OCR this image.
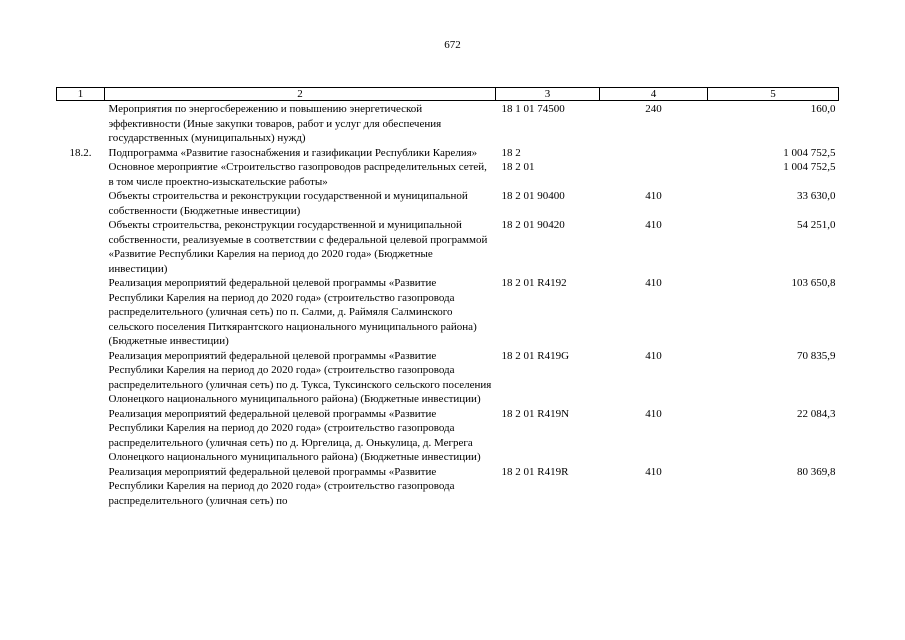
672
1	2	3	4	5
	Мероприятия по энергосбережению и повышению энергетической эффективности (Иные закупки товаров, работ и услуг для обеспечения государственных (муниципальных) нужд)	18 1 01 74500	240	160,0
18.2.	Подпрограмма «Развитие газоснабжения и газификации Республики Карелия»	18 2		1 004 752,5
	Основное мероприятие «Строительство газопроводов распределительных сетей, в том числе проектно-изыскательские работы»	18 2 01		1 004 752,5
	Объекты строительства и реконструкции государственной и муниципальной собственности (Бюджетные инвестиции)	18 2 01 90400	410	33 630,0
	Объекты строительства, реконструкции государственной и муниципальной собственности, реализуемые в соответствии с федеральной целевой программой «Развитие Республики Карелия на период до 2020 года» (Бюджетные инвестиции)	18 2 01 90420	410	54 251,0
	Реализация мероприятий федеральной целевой программы «Развитие Республики Карелия на период до 2020 года» (строительство газопровода распределительного (уличная сеть) по п. Салми, д. Раймяля Салминского сельского поселения Питкярантского национального муниципального района) (Бюджетные инвестиции)	18 2 01 R4192	410	103 650,8
	Реализация мероприятий федеральной целевой программы «Развитие Республики Карелия на период до 2020 года» (строительство газопровода распределительного (уличная сеть) по д. Тукса, Туксинского сельского поселения Олонецкого национального муниципального района) (Бюджетные инвестиции)	18 2 01 R419G	410	70 835,9
	Реализация мероприятий федеральной целевой программы «Развитие Республики Карелия на период до 2020 года» (строительство газопровода распределительного (уличная сеть) по д. Юргелица, д. Онькулица, д. Мегрега Олонецкого национального муниципального района) (Бюджетные инвестиции)	18 2 01 R419N	410	22 084,3
	Реализация мероприятий федеральной целевой программы «Развитие Республики Карелия на период до 2020 года» (строительство газопровода распределительного (уличная сеть) по	18 2 01 R419R	410	80 369,8
